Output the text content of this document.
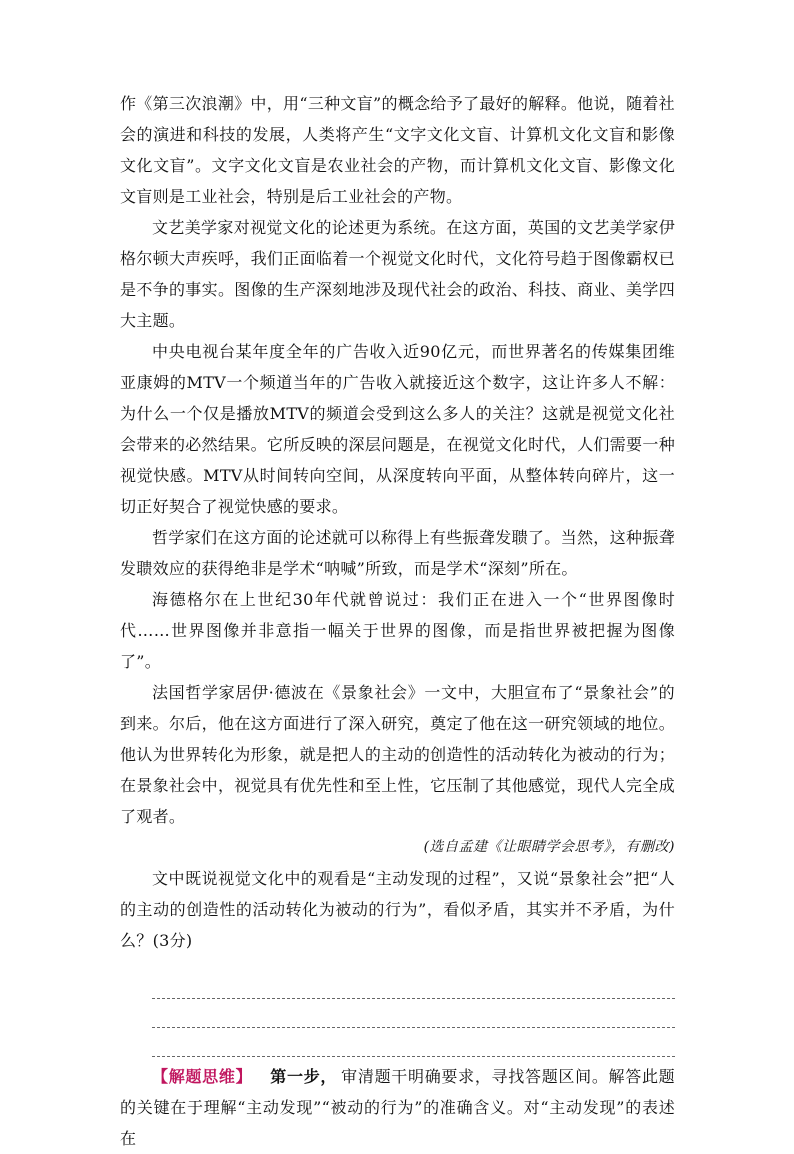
作《第三次浪潮》中，用“三种文盲”的概念给予了最好的解释。他说，随着社会的演进和科技的发展，人类将产生“文字文化文盲、计算机文化文盲和影像文化文盲”。文字文化文盲是农业社会的产物，而计算机文化文盲、影像文化文盲则是工业社会，特别是后工业社会的产物。

文艺美学家对视觉文化的论述更为系统。在这方面，英国的文艺美学家伊格尔顿大声疾呼，我们正面临着一个视觉文化时代，文化符号趋于图像霸权已是不争的事实。图像的生产深刻地涉及现代社会的政治、科技、商业、美学四大主题。

中央电视台某年度全年的广告收入近90亿元，而世界著名的传媒集团维亚康姆的MTV一个频道当年的广告收入就接近这个数字，这让许多人不解：为什么一个仅是播放MTV的频道会受到这么多人的关注？这就是视觉文化社会带来的必然结果。它所反映的深层问题是，在视觉文化时代，人们需要一种视觉快感。MTV从时间转向空间，从深度转向平面，从整体转向碎片，这一切正好契合了视觉快感的要求。

哲学家们在这方面的论述就可以称得上有些振聋发聩了。当然，这种振聋发聩效应的获得绝非是学术“呐喊”所致，而是学术“深刻”所在。

海德格尔在上世纪30年代就曾说过：我们正在进入一个“世界图像时代……世界图像并非意指一幅关于世界的图像，而是指世界被把握为图像了”。

法国哲学家居伊·德波在《景象社会》一文中，大胆宣布了“景象社会”的到来。尔后，他在这方面进行了深入研究，奠定了他在这一研究领域的地位。他认为世界转化为形象，就是把人的主动的创造性的活动转化为被动的行为；在景象社会中，视觉具有优先性和至上性，它压制了其他感觉，现代人完全成了观者。

(选自孟建《让眼睛学会思考》，有删改)

文中既说视觉文化中的观看是“主动发现的过程”，又说“景象社会”把“人的主动的创造性的活动转化为被动的行为”，看似矛盾，其实并不矛盾，为什么？(3分)

【解题思维】 第一步， 审清题干明确要求，寻找答题区间。解答此题的关键在于理解“主动发现”“被动的行为”的准确含义。对“主动发现”的表述在
